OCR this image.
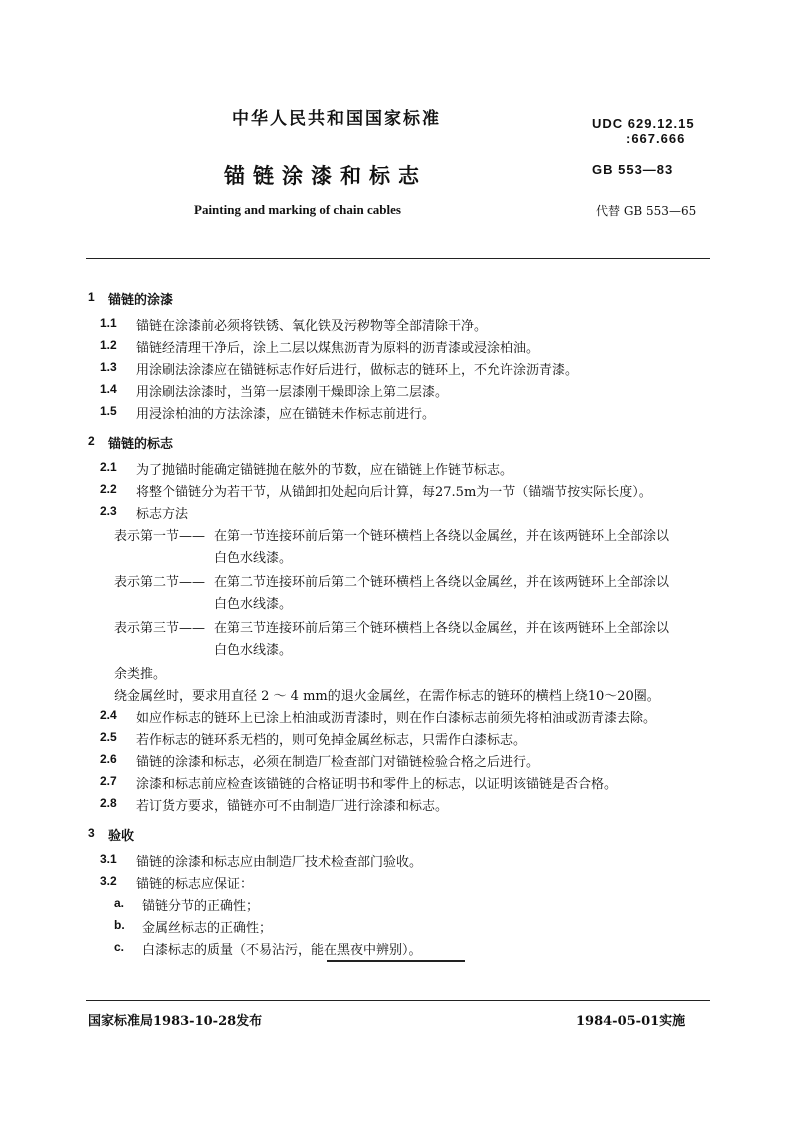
中华人民共和国国家标准	UDC 629.12.15
:667.666
锚链涂漆和标志	GB 553—83
Painting and marking of chain cables	代替 GB 553—65
1 锚链的涂漆
1.1 锚链在涂漆前必须将铁锈、氧化铁及污秽物等全部清除干净。
1.2 锚链经清理干净后，涂上二层以煤焦沥青为原料的沥青漆或浸涂柏油。
1.3 用涂刷法涂漆应在锚链标志作好后进行，做标志的链环上，不允许涂沥青漆。
1.4 用涂刷法涂漆时，当第一层漆刚干燥即涂上第二层漆。
1.5 用浸涂柏油的方法涂漆，应在锚链未作标志前进行。
2 锚链的标志
2.1 为了抛锚时能确定锚链抛在舷外的节数，应在锚链上作链节标志。
2.2 将整个锚链分为若干节，从锚卸扣处起向后计算，每27.5m为一节（锚端节按实际长度）。
2.3 标志方法
表示第一节—— 在第一节连接环前后第一个链环横档上各绕以金属丝，并在该两链环上全部涂以
白色水线漆。
表示第二节—— 在第二节连接环前后第二个链环横档上各绕以金属丝，并在该两链环上全部涂以
白色水线漆。
表示第三节—— 在第三节连接环前后第三个链环横档上各绕以金属丝，并在该两链环上全部涂以
白色水线漆。
余类推。
绕金属丝时，要求用直径 2 ～ 4 mm的退火金属丝，在需作标志的链环的横档上绕10～20圈。
2.4 如应作标志的链环上已涂上柏油或沥青漆时，则在作白漆标志前须先将柏油或沥青漆去除。
2.5 若作标志的链环系无档的，则可免掉金属丝标志，只需作白漆标志。
2.6 锚链的涂漆和标志，必须在制造厂检查部门对锚链检验合格之后进行。
2.7 涂漆和标志前应检查该锚链的合格证明书和零件上的标志，以证明该锚链是否合格。
2.8 若订货方要求，锚链亦可不由制造厂进行涂漆和标志。
3 验收
3.1 锚链的涂漆和标志应由制造厂技术检查部门验收。
3.2 锚链的标志应保证：
a. 锚链分节的正确性；
b. 金属丝标志的正确性；
c. 白漆标志的质量（不易沾污，能在黑夜中辨别）。
国家标准局1983-10-28发布	1984-05-01实施
